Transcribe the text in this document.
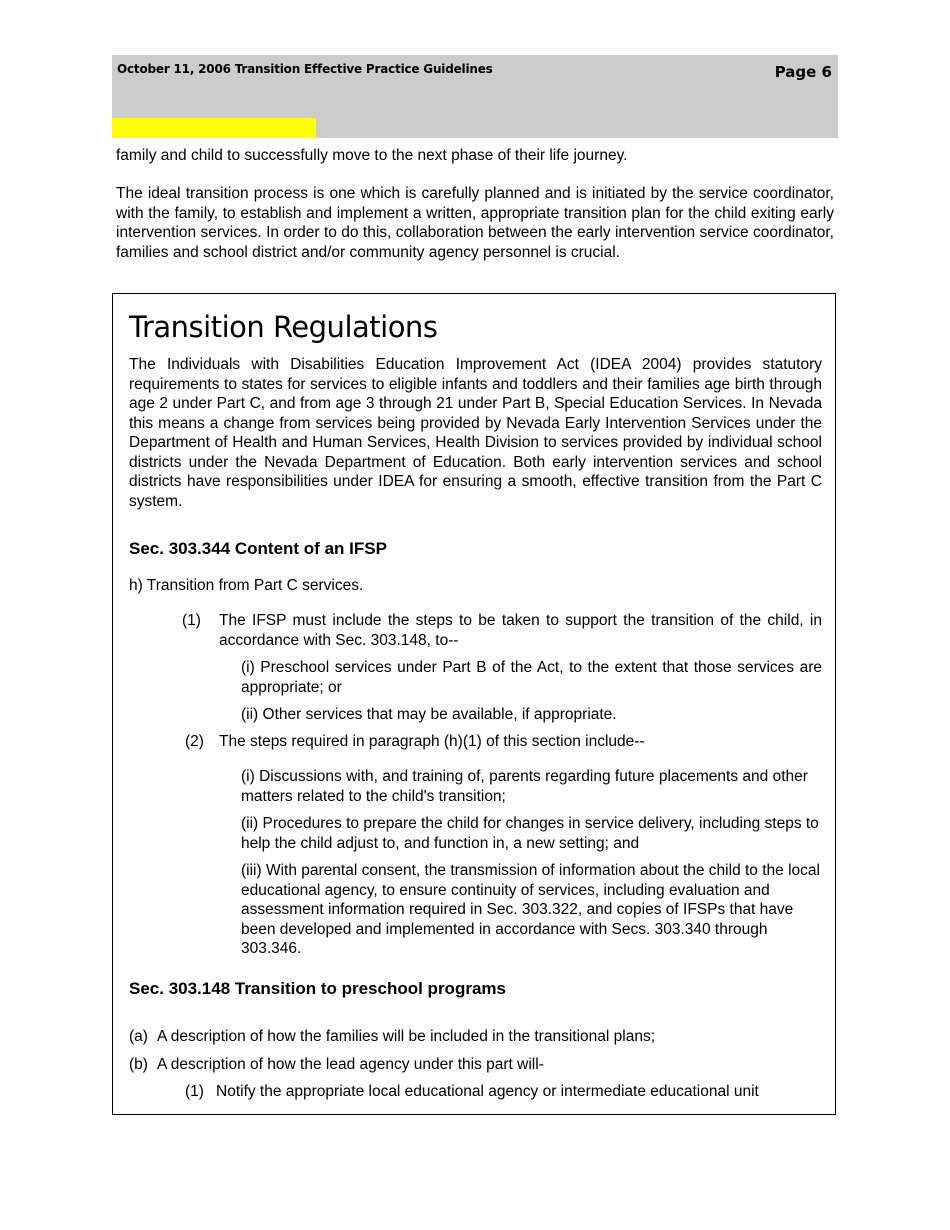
October 11, 2006 Transition Effective Practice Guidelines	Page 6

family and child to successfully move to the next phase of their life journey.

The ideal transition process is one which is carefully planned and is initiated by the service coordinator, with the family, to establish and implement a written, appropriate transition plan for the child exiting early intervention services. In order to do this, collaboration between the early intervention service coordinator, families and school district and/or community agency personnel is crucial.

Transition Regulations

The Individuals with Disabilities Education Improvement Act (IDEA 2004) provides statutory requirements to states for services to eligible infants and toddlers and their families age birth through age 2 under Part C, and from age 3 through 21 under Part B, Special Education Services. In Nevada this means a change from services being provided by Nevada Early Intervention Services under the Department of Health and Human Services, Health Division to services provided by individual school districts under the Nevada Department of Education. Both early intervention services and school districts have responsibilities under IDEA for ensuring a smooth, effective transition from the Part C system.

Sec. 303.344 Content of an IFSP

h) Transition from Part C services.

(1) The IFSP must include the steps to be taken to support the transition of the child, in accordance with Sec. 303.148, to--

(i) Preschool services under Part B of the Act, to the extent that those services are appropriate; or

(ii) Other services that may be available, if appropriate.

(2) The steps required in paragraph (h)(1) of this section include--

(i) Discussions with, and training of, parents regarding future placements and other matters related to the child's transition;

(ii) Procedures to prepare the child for changes in service delivery, including steps to help the child adjust to, and function in, a new setting; and

(iii) With parental consent, the transmission of information about the child to the local educational agency, to ensure continuity of services, including evaluation and assessment information required in Sec. 303.322, and copies of IFSPs that have been developed and implemented in accordance with Secs. 303.340 through 303.346.

Sec. 303.148 Transition to preschool programs
(a) A description of how the families will be included in the transitional plans;

(b) A description of how the lead agency under this part will-

(1) Notify the appropriate local educational agency or intermediate educational unit
